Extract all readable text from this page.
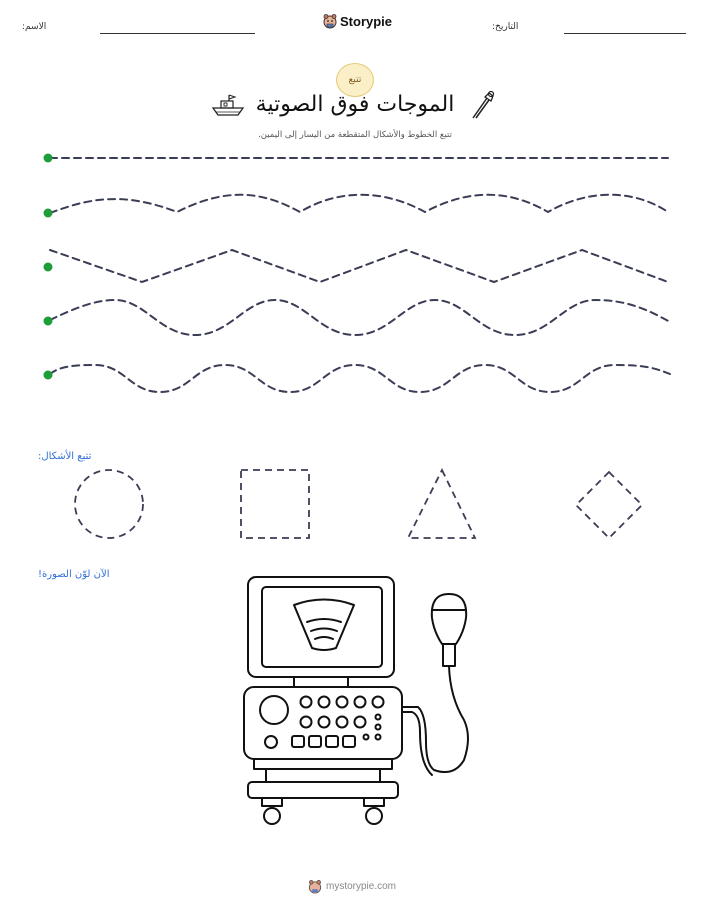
الاسم:	Storypie	التاريخ:
تتبع
الموجات فوق الصوتية
تتبع الخطوط والأشكال المتقطعة من اليسار إلى اليمين.
تتبع الأشكال:
الآن لوّن الصورة!
mystorypie.com
